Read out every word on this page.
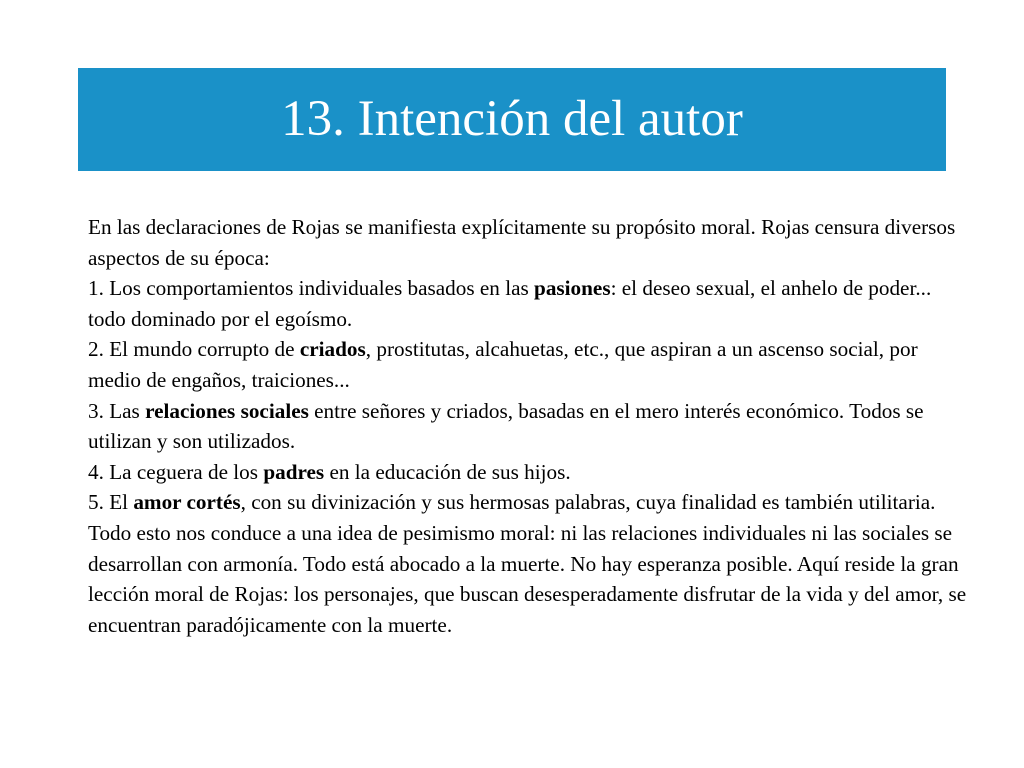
13. Intención del autor

En las declaraciones de Rojas se manifiesta explícitamente su propósito moral. Rojas censura diversos aspectos de su época:

1. Los comportamientos individuales basados en las pasiones: el deseo sexual, el anhelo de poder... todo dominado por el egoísmo.

2. El mundo corrupto de criados, prostitutas, alcahuetas, etc., que aspiran a un ascenso social, por medio de engaños, traiciones...

3. Las relaciones sociales entre señores y criados, basadas en el mero interés económico. Todos se utilizan y son utilizados.

4. La ceguera de los padres en la educación de sus hijos.

5. El amor cortés, con su divinización y sus hermosas palabras, cuya finalidad es también utilitaria.

Todo esto nos conduce a una idea de pesimismo moral: ni las relaciones individuales ni las sociales se desarrollan con armonía. Todo está abocado a la muerte. No hay esperanza posible. Aquí reside la gran lección moral de Rojas: los personajes, que buscan desesperadamente disfrutar de la vida y del amor, se encuentran paradójicamente con la muerte.
